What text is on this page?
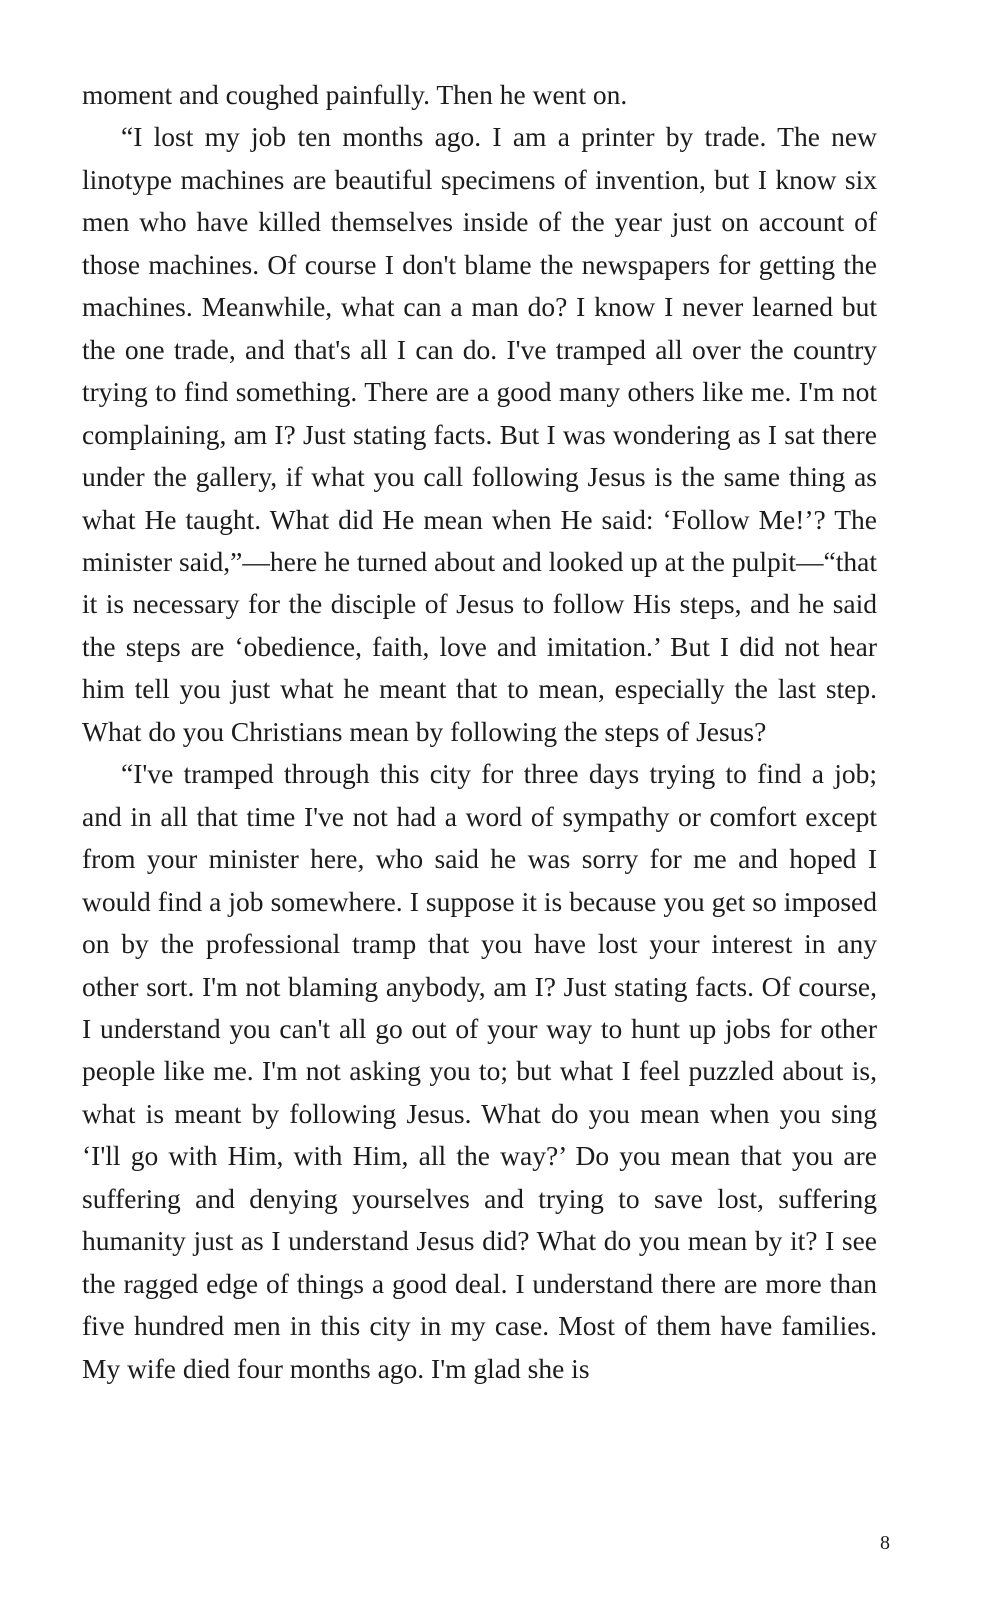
moment and coughed painfully. Then he went on.

“I lost my job ten months ago. I am a printer by trade. The new linotype machines are beautiful specimens of invention, but I know six men who have killed themselves inside of the year just on account of those machines. Of course I don't blame the newspapers for getting the machines. Meanwhile, what can a man do? I know I never learned but the one trade, and that's all I can do. I've tramped all over the country trying to find something. There are a good many others like me. I'm not complaining, am I? Just stating facts. But I was wondering as I sat there under the gallery, if what you call following Jesus is the same thing as what He taught. What did He mean when He said: ‘Follow Me!’? The minister said,”—here he turned about and looked up at the pulpit—“that it is necessary for the disciple of Jesus to follow His steps, and he said the steps are ‘obedience, faith, love and imitation.’ But I did not hear him tell you just what he meant that to mean, especially the last step. What do you Christians mean by following the steps of Jesus?

“I've tramped through this city for three days trying to find a job; and in all that time I've not had a word of sympathy or comfort except from your minister here, who said he was sorry for me and hoped I would find a job somewhere. I suppose it is because you get so imposed on by the professional tramp that you have lost your interest in any other sort. I'm not blaming anybody, am I? Just stating facts. Of course, I understand you can't all go out of your way to hunt up jobs for other people like me. I'm not asking you to; but what I feel puzzled about is, what is meant by following Jesus. What do you mean when you sing ‘I'll go with Him, with Him, all the way?’ Do you mean that you are suffering and denying yourselves and trying to save lost, suffering humanity just as I understand Jesus did? What do you mean by it? I see the ragged edge of things a good deal. I understand there are more than five hundred men in this city in my case. Most of them have families. My wife died four months ago. I'm glad she is

8
